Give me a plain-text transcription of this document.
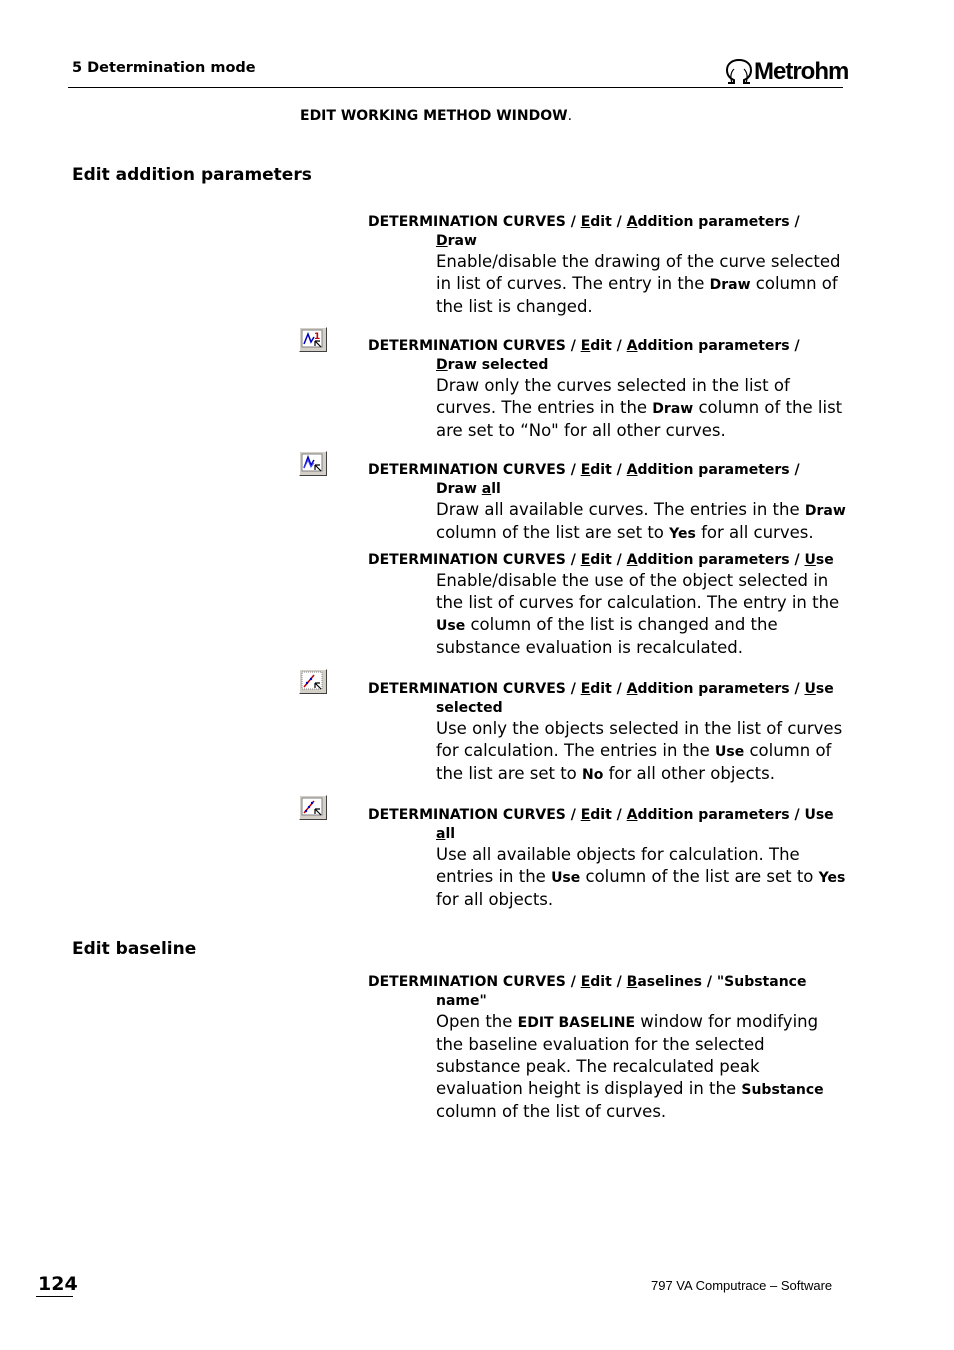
5 Determination mode	Metrohm
EDIT WORKING METHOD WINDOW.
Edit addition parameters
DETERMINATION CURVES / Edit / Addition parameters /
Draw
Enable/disable the drawing of the curve selected in list of curves. The entry in the Draw column of the list is changed.
1
DETERMINATION CURVES / Edit / Addition parameters /
Draw selected
Draw only the curves selected in the list of curves. The entries in the Draw column of the list are set to “No" for all other curves.
DETERMINATION CURVES / Edit / Addition parameters /
Draw all
Draw all available curves. The entries in the Draw column of the list are set to Yes for all curves.
DETERMINATION CURVES / Edit / Addition parameters / Use
Enable/disable the use of the object selected in the list of curves for calculation. The entry in the Use column of the list is changed and the substance evaluation is recalculated.
DETERMINATION CURVES / Edit / Addition parameters / Use
selected
Use only the objects selected in the list of curves for calculation. The entries in the Use column of the list are set to No for all other objects.
DETERMINATION CURVES / Edit / Addition parameters / Use
all
Use all available objects for calculation. The entries in the Use column of the list are set to Yes for all objects.
Edit baseline
DETERMINATION CURVES / Edit / Baselines / "Substance
name"
Open the EDIT BASELINE window for modifying the baseline evaluation for the selected substance peak. The recalculated peak evaluation height is displayed in the Substance column of the list of curves.
124	797 VA Computrace – Software
